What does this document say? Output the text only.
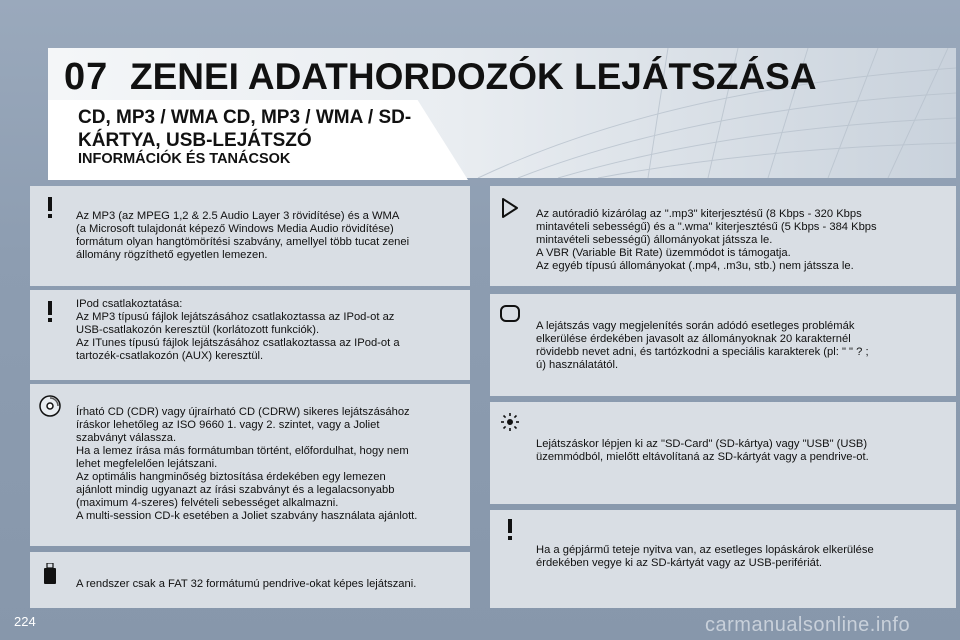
07 ZENEI ADATHORDOZÓK LEJÁTSZÁSA
CD, MP3 / WMA CD, MP3 / WMA / SD-KÁRTYA, USB-LEJÁTSZÓ
INFORMÁCIÓK ÉS TANÁCSOK
Az MP3 (az MPEG 1,2 & 2.5 Audio Layer 3 rövidítése) és a WMA
(a Microsoft tulajdonát képező Windows Media Audio rövidítése)
formátum olyan hangtömörítési szabvány, amellyel több tucat zenei
állomány rögzíthető egyetlen lemezen.
IPod csatlakoztatása:
Az MP3 típusú fájlok lejátszásához csatlakoztassa az IPod-ot az
USB-csatlakozón keresztül (korlátozott funkciók).
Az ITunes típusú fájlok lejátszásához csatlakoztassa az IPod-ot a
tartozék-csatlakozón (AUX) keresztül.
Írható CD (CDR) vagy újraírható CD (CDRW) sikeres lejátszásához
íráskor lehetőleg az ISO 9660 1. vagy 2. szintet, vagy a Joliet
szabványt válassza.
Ha a lemez írása más formátumban történt, előfordulhat, hogy nem
lehet megfelelően lejátszani.
Az optimális hangminőség biztosítása érdekében egy lemezen
ajánlott mindig ugyanazt az írási szabványt és a legalacsonyabb
(maximum 4-szeres) felvételi sebességet alkalmazni.
A multi-session CD-k esetében a Joliet szabvány használata ajánlott.
A rendszer csak a FAT 32 formátumú pendrive-okat képes lejátszani.
Az autóradió kizárólag az ".mp3" kiterjesztésű (8 Kbps - 320 Kbps
mintavételi sebességű) és a ".wma" kiterjesztésű (5 Kbps - 384 Kbps
mintavételi sebességű) állományokat játssza le.
A VBR (Variable Bit Rate) üzemmódot is támogatja.
Az egyéb típusú állományokat (.mp4, .m3u, stb.) nem játssza le.
A lejátszás vagy megjelenítés során adódó esetleges problémák
elkerülése érdekében javasolt az állományoknak 20 karakternél
rövidebb nevet adni, és tartózkodni a speciális karakterek (pl: " " ? ;
ú) használatától.
Lejátszáskor lépjen ki az "SD-Card" (SD-kártya) vagy "USB" (USB)
üzemmódból, mielőtt eltávolítaná az SD-kártyát vagy a pendrive-ot.
Ha a gépjármű teteje nyitva van, az esetleges lopáskárok elkerülése
érdekében vegye ki az SD-kártyát vagy az USB-perifériát.
224	carmanualsonline.info
